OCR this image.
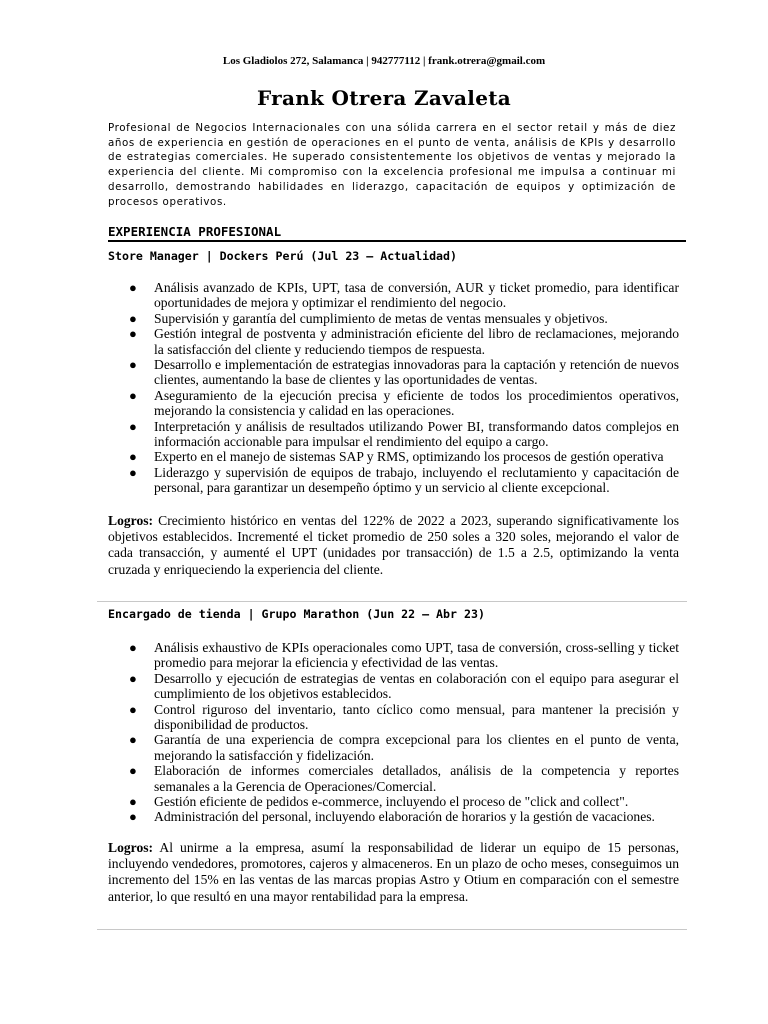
Los Gladiolos 272, Salamanca | 942777112 | frank.otrera@gmail.com
Frank Otrera Zavaleta
Profesional de Negocios Internacionales con una sólida carrera en el sector retail y más de diez años de experiencia en gestión de operaciones en el punto de venta, análisis de KPIs y desarrollo de estrategias comerciales. He superado consistentemente los objetivos de ventas y mejorado la experiencia del cliente. Mi compromiso con la excelencia profesional me impulsa a continuar mi desarrollo, demostrando habilidades en liderazgo, capacitación de equipos y optimización de procesos operativos.
EXPERIENCIA PROFESIONAL
Store Manager | Dockers Perú (Jul 23 – Actualidad)
● Análisis avanzado de KPIs, UPT, tasa de conversión, AUR y ticket promedio, para identificar oportunidades de mejora y optimizar el rendimiento del negocio.
● Supervisión y garantía del cumplimiento de metas de ventas mensuales y objetivos.
● Gestión integral de postventa y administración eficiente del libro de reclamaciones, mejorando la satisfacción del cliente y reduciendo tiempos de respuesta.
● Desarrollo e implementación de estrategias innovadoras para la captación y retención de nuevos clientes, aumentando la base de clientes y las oportunidades de ventas.
● Aseguramiento de la ejecución precisa y eficiente de todos los procedimientos operativos, mejorando la consistencia y calidad en las operaciones.
● Interpretación y análisis de resultados utilizando Power BI, transformando datos complejos en información accionable para impulsar el rendimiento del equipo a cargo.
● Experto en el manejo de sistemas SAP y RMS, optimizando los procesos de gestión operativa
● Liderazgo y supervisión de equipos de trabajo, incluyendo el reclutamiento y capacitación de personal, para garantizar un desempeño óptimo y un servicio al cliente excepcional.

Logros: Crecimiento histórico en ventas del 122% de 2022 a 2023, superando significativamente los objetivos establecidos. Incrementé el ticket promedio de 250 soles a 320 soles, mejorando el valor de cada transacción, y aumenté el UPT (unidades por transacción) de 1.5 a 2.5, optimizando la venta cruzada y enriqueciendo la experiencia del cliente.

Encargado de tienda | Grupo Marathon (Jun 22 – Abr 23)
● Análisis exhaustivo de KPIs operacionales como UPT, tasa de conversión, cross-selling y ticket promedio para mejorar la eficiencia y efectividad de las ventas.
● Desarrollo y ejecución de estrategias de ventas en colaboración con el equipo para asegurar el cumplimiento de los objetivos establecidos.
● Control riguroso del inventario, tanto cíclico como mensual, para mantener la precisión y disponibilidad de productos.
● Garantía de una experiencia de compra excepcional para los clientes en el punto de venta, mejorando la satisfacción y fidelización.
● Elaboración de informes comerciales detallados, análisis de la competencia y reportes semanales a la Gerencia de Operaciones/Comercial.
● Gestión eficiente de pedidos e-commerce, incluyendo el proceso de "click and collect".
● Administración del personal, incluyendo elaboración de horarios y la gestión de vacaciones.

Logros: Al unirme a la empresa, asumí la responsabilidad de liderar un equipo de 15 personas, incluyendo vendedores, promotores, cajeros y almaceneros. En un plazo de ocho meses, conseguimos un incremento del 15% en las ventas de las marcas propias Astro y Otium en comparación con el semestre anterior, lo que resultó en una mayor rentabilidad para la empresa.
